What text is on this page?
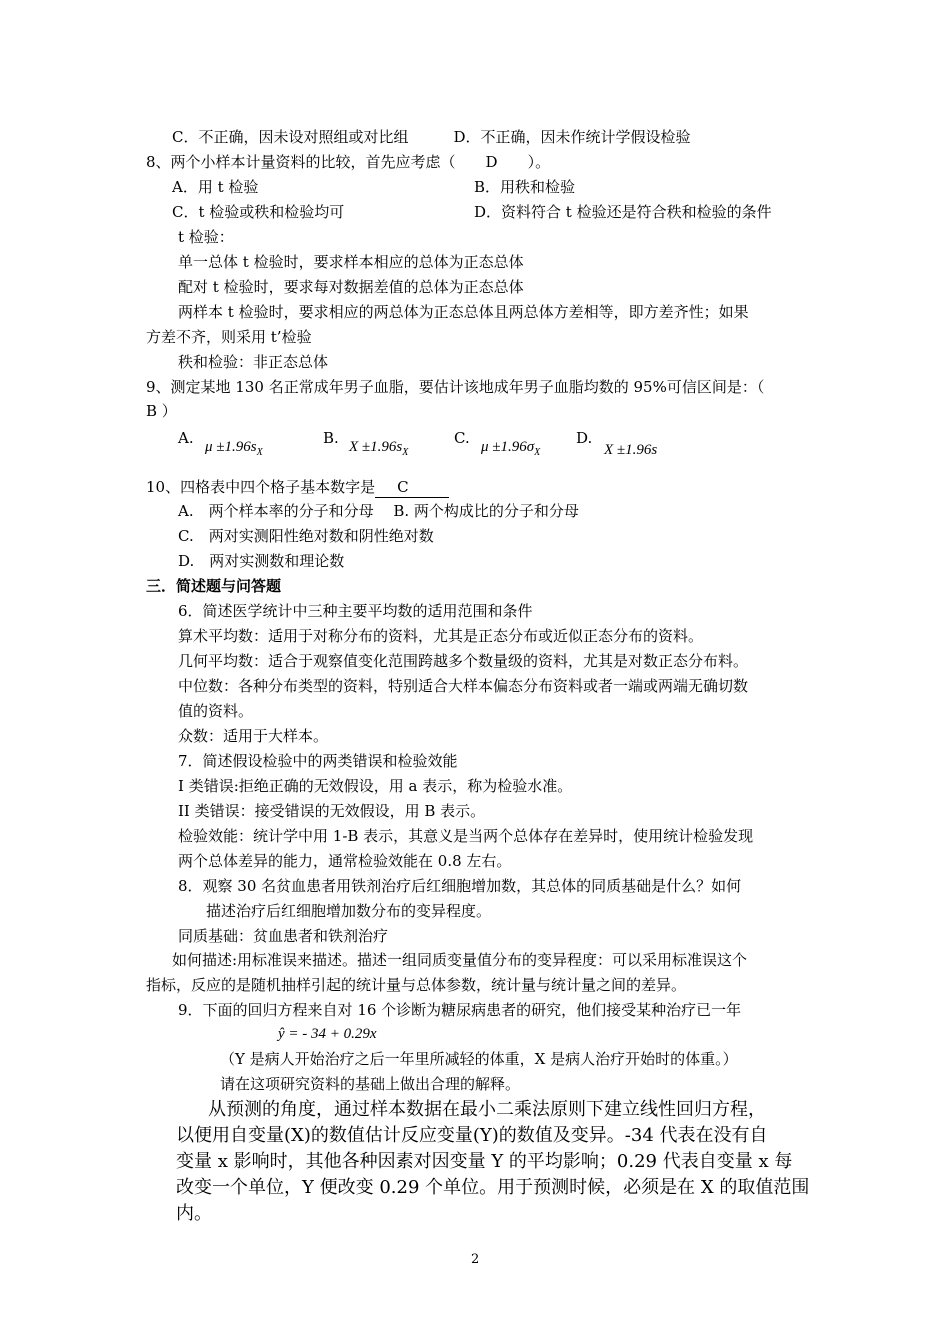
C．不正确，因未设对照组或对比组　　　D．不正确，因未作统计学假设检验
8、两个小样本计量资料的比较，首先应考虑（　　D　　）。
A．用 t 检验	B．用秩和检验
C．t 检验或秩和检验均可	D．资料符合 t 检验还是符合秩和检验的条件
t 检验：
单一总体 t 检验时，要求样本相应的总体为正态总体
配对 t 检验时，要求每对数据差值的总体为正态总体
两样本 t 检验时，要求相应的两总体为正态总体且两总体方差相等，即方差齐性；如果
方差不齐，则采用 t’检验
秩和检验：非正态总体
9、测定某地 130 名正常成年男子血脂，要估计该地成年男子血脂均数的 95%可信区间是：（
B ）
A. $\mu \pm 1.96s_X$
B. $X \pm 1.96s_X$
C. $\mu \pm 1.96\sigma_X$
D.
X ±1.96s
10、四格表中四个格子基本数字是 C
A.　两个样本率的分子和分母　 B. 两个构成比的分子和分母
C.　两对实测阳性绝对数和阴性绝对数
D.　两对实测数和理论数
三．简述题与问答题
6．简述医学统计中三种主要平均数的适用范围和条件
算术平均数：适用于对称分布的资料，尤其是正态分布或近似正态分布的资料。
几何平均数：适合于观察值变化范围跨越多个数量级的资料，尤其是对数正态分布料。
中位数：各种分布类型的资料，特别适合大样本偏态分布资料或者一端或两端无确切数
值的资料。
众数：适用于大样本。
7．简述假设检验中的两类错误和检验效能
I 类错误:拒绝正确的无效假设，用 a 表示，称为检验水准。
II 类错误：接受错误的无效假设，用 B 表示。
检验效能：统计学中用 1-B 表示，其意义是当两个总体存在差异时，使用统计检验发现
两个总体差异的能力，通常检验效能在 0.8 左右。
8．观察 30 名贫血患者用铁剂治疗后红细胞增加数，其总体的同质基础是什么？如何
描述治疗后红细胞增加数分布的变异程度。
同质基础：贫血患者和铁剂治疗
如何描述:用标准误来描述。描述一组同质变量值分布的变异程度：可以采用标准误这个
指标，反应的是随机抽样引起的统计量与总体参数，统计量与统计量之间的差异。
9．下面的回归方程来自对 16 个诊断为糖尿病患者的研究，他们接受某种治疗已一年
ŷ = - 34 + 0.29x
（Y 是病人开始治疗之后一年里所减轻的体重，X 是病人治疗开始时的体重。）
请在这项研究资料的基础上做出合理的解释。
从预测的角度，通过样本数据在最小二乘法原则下建立线性回归方程，
以便用自变量(X)的数值估计反应变量(Y)的数值及变异。-34 代表在没有自
变量 x 影响时，其他各种因素对因变量 Y 的平均影响；0.29 代表自变量 x 每
改变一个单位，Y 便改变 0.29 个单位。用于预测时候，必须是在 X 的取值范围
内。
2
